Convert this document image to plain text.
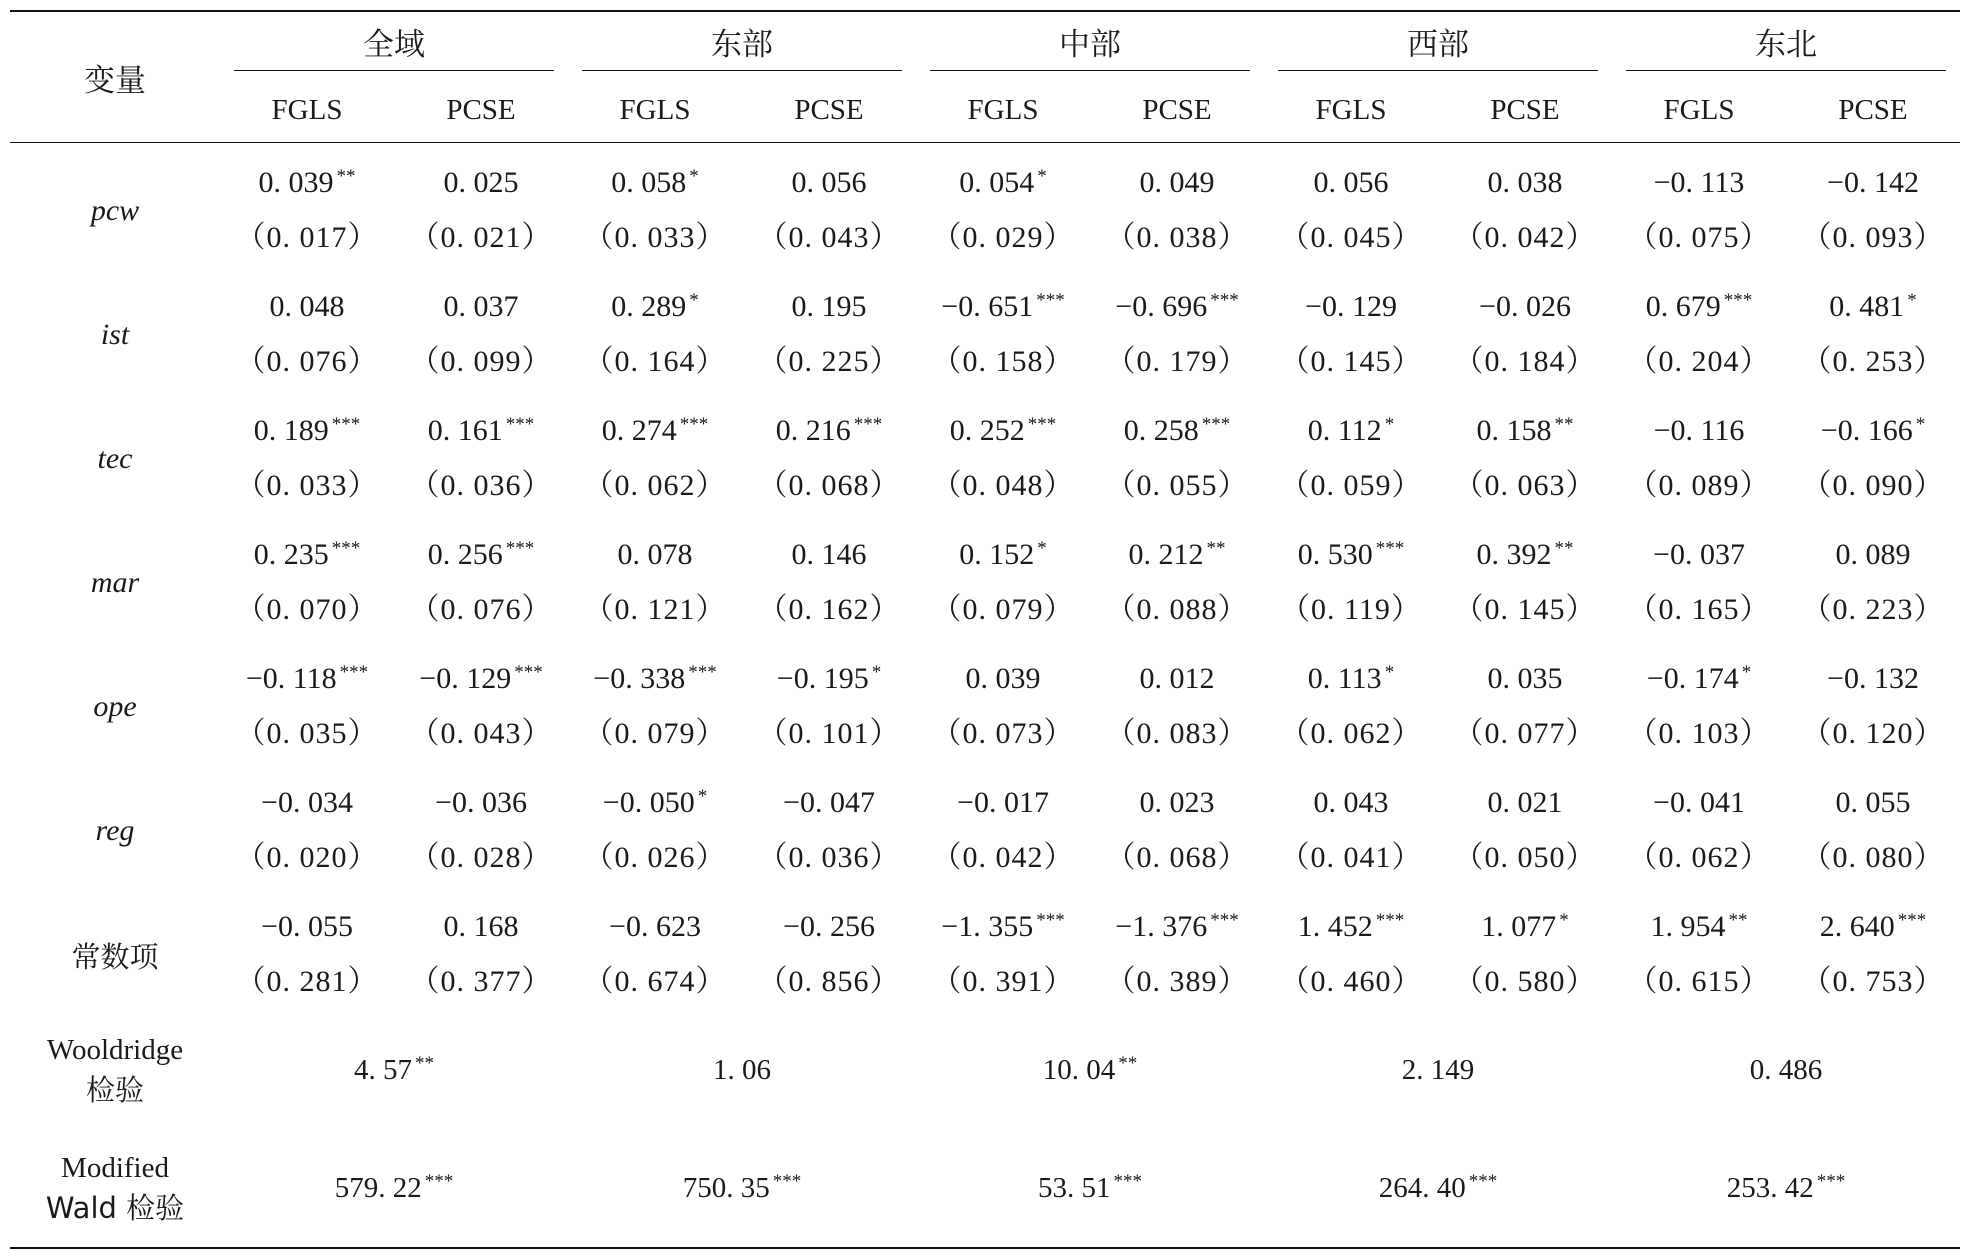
变量	全域		东部		中部		西部		东北	

	FGLS	PCSE	FGLS	PCSE	FGLS	PCSE	FGLS	PCSE	FGLS	PCSE
pcw	0. 039 **	0. 025	0. 058 *	0. 056	0. 054 *	0. 049	0. 056	0. 038	−0. 113	−0. 142
	（0. 017）	（0. 021）	（0. 033）	（0. 043）	（0. 029）	（0. 038）	（0. 045）	（0. 042）	（0. 075）	（0. 093）
ist	0. 048	0. 037	0. 289 *	0. 195	−0. 651 ***	−0. 696 ***	−0. 129	−0. 026	0. 679 ***	0. 481 *
	（0. 076）	（0. 099）	（0. 164）	（0. 225）	（0. 158）	（0. 179）	（0. 145）	（0. 184）	（0. 204）	（0. 253）
tec	0. 189 ***	0. 161 ***	0. 274 ***	0. 216 ***	0. 252 ***	0. 258 ***	0. 112 *	0. 158 **	−0. 116	−0. 166 *
	（0. 033）	（0. 036）	（0. 062）	（0. 068）	（0. 048）	（0. 055）	（0. 059）	（0. 063）	（0. 089）	（0. 090）
mar	0. 235 ***	0. 256 ***	0. 078	0. 146	0. 152 *	0. 212 **	0. 530 ***	0. 392 **	−0. 037	0. 089
	（0. 070）	（0. 076）	（0. 121）	（0. 162）	（0. 079）	（0. 088）	（0. 119）	（0. 145）	（0. 165）	（0. 223）
ope	−0. 118 ***	−0. 129 ***	−0. 338 ***	−0. 195 *	0. 039	0. 012	0. 113 *	0. 035	−0. 174 *	−0. 132
	（0. 035）	（0. 043）	（0. 079）	（0. 101）	（0. 073）	（0. 083）	（0. 062）	（0. 077）	（0. 103）	（0. 120）
reg	−0. 034	−0. 036	−0. 050 *	−0. 047	−0. 017	0. 023	0. 043	0. 021	−0. 041	0. 055
	（0. 020）	（0. 028）	（0. 026）	（0. 036）	（0. 042）	（0. 068）	（0. 041）	（0. 050）	（0. 062）	（0. 080）
常数项	−0. 055	0. 168	−0. 623	−0. 256	−1. 355 ***	−1. 376 ***	1. 452 ***	1. 077 *	1. 954 **	2. 640 ***
	（0. 281）	（0. 377）	（0. 674）	（0. 856）	（0. 391）	（0. 389）	（0. 460）	（0. 580）	（0. 615）	（0. 753）

Wooldridge
检验	4. 57 **		1. 06		10. 04 **		2. 149		0. 486	

Modified
Wald 检验	579. 22 ***		750. 35 ***		53. 51 ***		264. 40 ***		253. 42 ***
